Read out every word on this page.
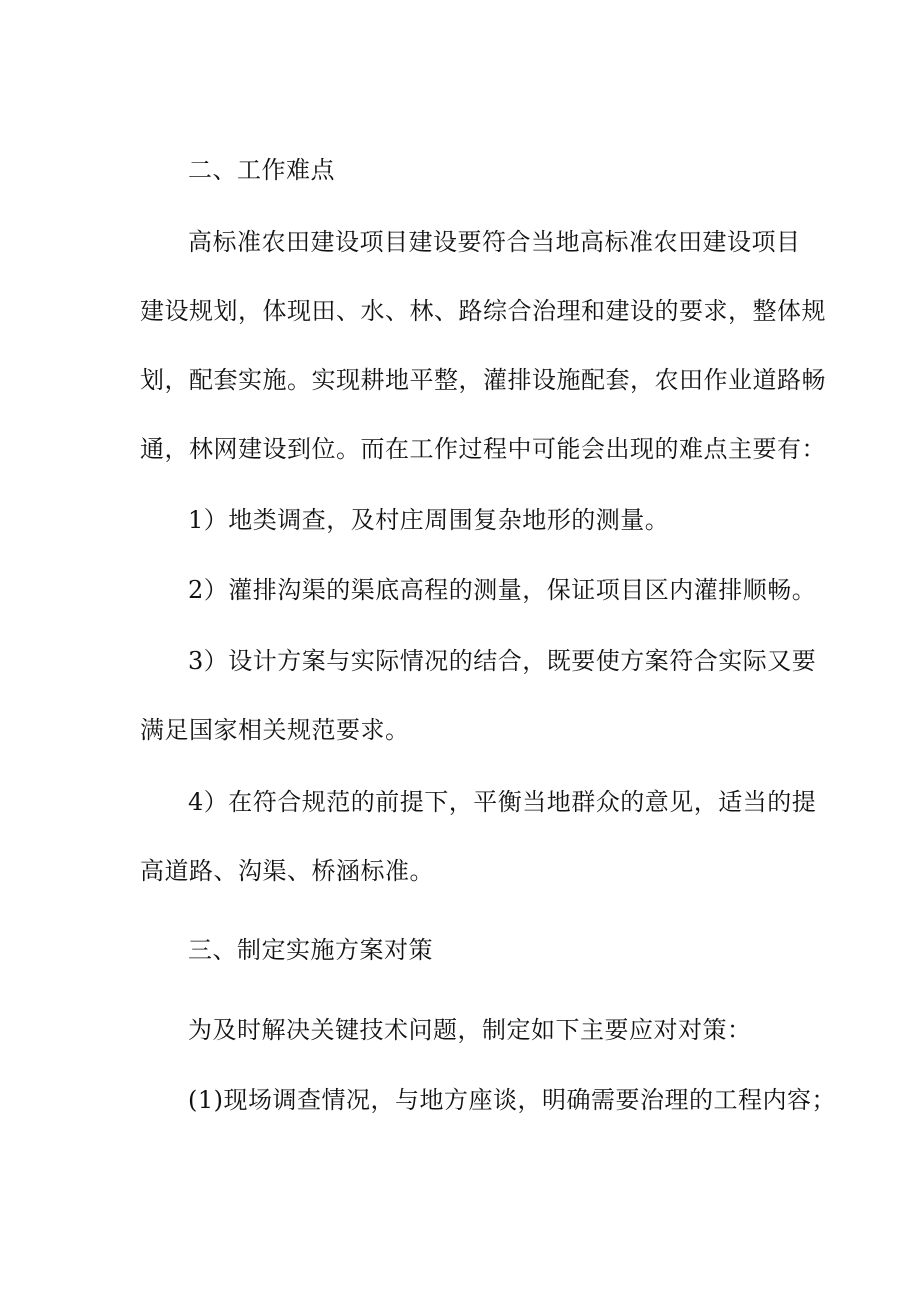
二、工作难点
高标准农田建设项目建设要符合当地高标准农田建设项目
建设规划，体现田、水、林、路综合治理和建设的要求，整体规
划，配套实施。实现耕地平整，灌排设施配套，农田作业道路畅
通，林网建设到位。而在工作过程中可能会出现的难点主要有：
1）地类调查，及村庄周围复杂地形的测量。
2）灌排沟渠的渠底高程的测量，保证项目区内灌排顺畅。
3）设计方案与实际情况的结合，既要使方案符合实际又要
满足国家相关规范要求。
4）在符合规范的前提下，平衡当地群众的意见，适当的提
高道路、沟渠、桥涵标准。
三、制定实施方案对策
为及时解决关键技术问题，制定如下主要应对对策：
(1)现场调查情况，与地方座谈，明确需要治理的工程内容；
